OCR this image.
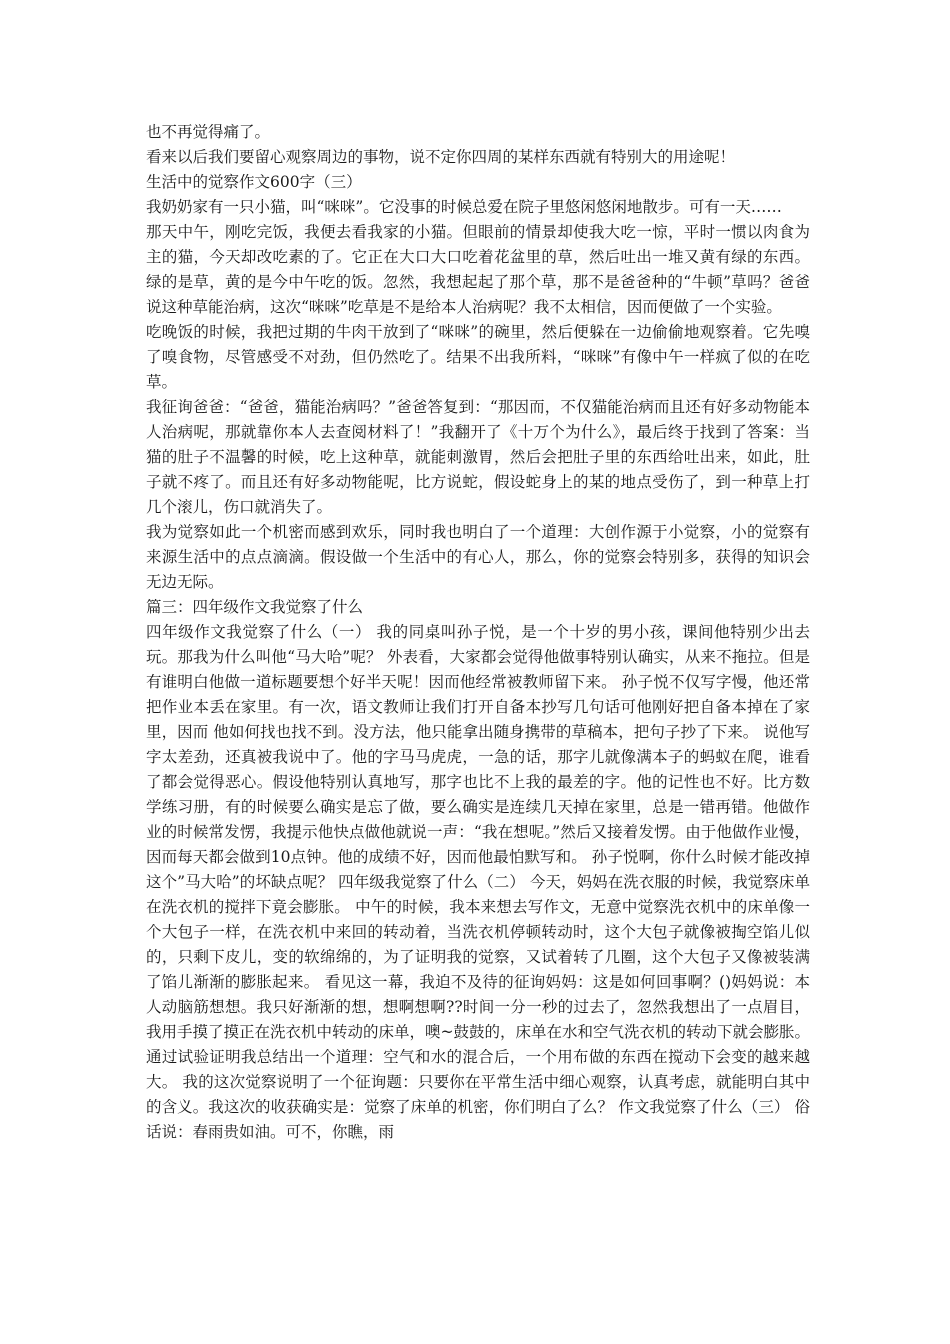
也不再觉得痛了。

看来以后我们要留心观察周边的事物，说不定你四周的某样东西就有特别大的用途呢！

生活中的觉察作文600字（三）

我奶奶家有一只小猫，叫“咪咪”。它没事的时候总爱在院子里悠闲悠闲地散步。可有一天……

那天中午，刚吃完饭，我便去看我家的小猫。但眼前的情景却使我大吃一惊，平时一惯以肉食为主的猫，今天却改吃素的了。它正在大口大口吃着花盆里的草，然后吐出一堆又黄有绿的东西。绿的是草，黄的是今中午吃的饭。忽然，我想起起了那个草，那不是爸爸种的“牛顿”草吗？爸爸说这种草能治病，这次“咪咪”吃草是不是给本人治病呢？我不太相信，因而便做了一个实验。

吃晚饭的时候，我把过期的牛肉干放到了“咪咪”的碗里，然后便躲在一边偷偷地观察着。它先嗅了嗅食物，尽管感受不对劲，但仍然吃了。结果不出我所料，“咪咪”有像中午一样疯了似的在吃草。

我征询爸爸：“爸爸，猫能治病吗？”爸爸答复到：“那因而，不仅猫能治病而且还有好多动物能本人治病呢，那就靠你本人去查阅材料了！”我翻开了《十万个为什么》，最后终于找到了答案：当猫的肚子不温馨的时候，吃上这种草，就能刺激胃，然后会把肚子里的东西给吐出来，如此，肚子就不疼了。而且还有好多动物能呢，比方说蛇，假设蛇身上的某的地点受伤了，到一种草上打几个滚儿，伤口就消失了。

我为觉察如此一个机密而感到欢乐，同时我也明白了一个道理：大创作源于小觉察，小的觉察有来源生活中的点点滴滴。假设做一个生活中的有心人，那么，你的觉察会特别多，获得的知识会无边无际。

篇三：四年级作文我觉察了什么

四年级作文我觉察了什么（一） 我的同桌叫孙子悦，是一个十岁的男小孩，课间他特别少出去玩。那我为什么叫他“马大哈”呢？ 外表看，大家都会觉得他做事特别认确实，从来不拖拉。但是有谁明白他做一道标题要想个好半天呢！因而他经常被教师留下来。 孙子悦不仅写字慢，他还常把作业本丢在家里。有一次，语文教师让我们打开自备本抄写几句话可他刚好把自备本掉在了家里，因而 他如何找也找不到。没方法，他只能拿出随身携带的草稿本，把句子抄了下来。 说他写字太差劲，还真被我说中了。他的字马马虎虎，一急的话，那字儿就像满本子的蚂蚁在爬，谁看了都会觉得恶心。假设他特别认真地写，那字也比不上我的最差的字。他的记性也不好。比方数学练习册，有的时候要么确实是忘了做，要么确实是连续几天掉在家里，总是一错再错。他做作业的时候常发愣，我提示他快点做他就说一声：“我在想呢。”然后又接着发愣。由于他做作业慢，因而每天都会做到10点钟。他的成绩不好，因而他最怕默写和。 孙子悦啊，你什么时候才能改掉这个”马大哈”的坏缺点呢？ 四年级我觉察了什么（二） 今天，妈妈在洗衣服的时候，我觉察床单在洗衣机的搅拌下竟会膨胀。 中午的时候，我本来想去写作文，无意中觉察洗衣机中的床单像一个大包子一样，在洗衣机中来回的转动着，当洗衣机停顿转动时，这个大包子就像被掏空馅儿似的，只剩下皮儿，变的软绵绵的，为了证明我的觉察，又试着转了几圈，这个大包子又像被装满了馅儿渐渐的膨胀起来。 看见这一幕，我迫不及待的征询妈妈：这是如何回事啊？()妈妈说：本人动脑筋想想。我只好渐渐的想，想啊想啊??时间一分一秒的过去了，忽然我想出了一点眉目，我用手摸了摸正在洗衣机中转动的床单，噢~鼓鼓的，床单在水和空气洗衣机的转动下就会膨胀。 通过试验证明我总结出一个道理：空气和水的混合后，一个用布做的东西在搅动下会变的越来越大。 我的这次觉察说明了一个征询题：只要你在平常生活中细心观察，认真考虑，就能明白其中的含义。我这次的收获确实是：觉察了床单的机密，你们明白了么？ 作文我觉察了什么（三） 俗话说：春雨贵如油。可不，你瞧，雨
